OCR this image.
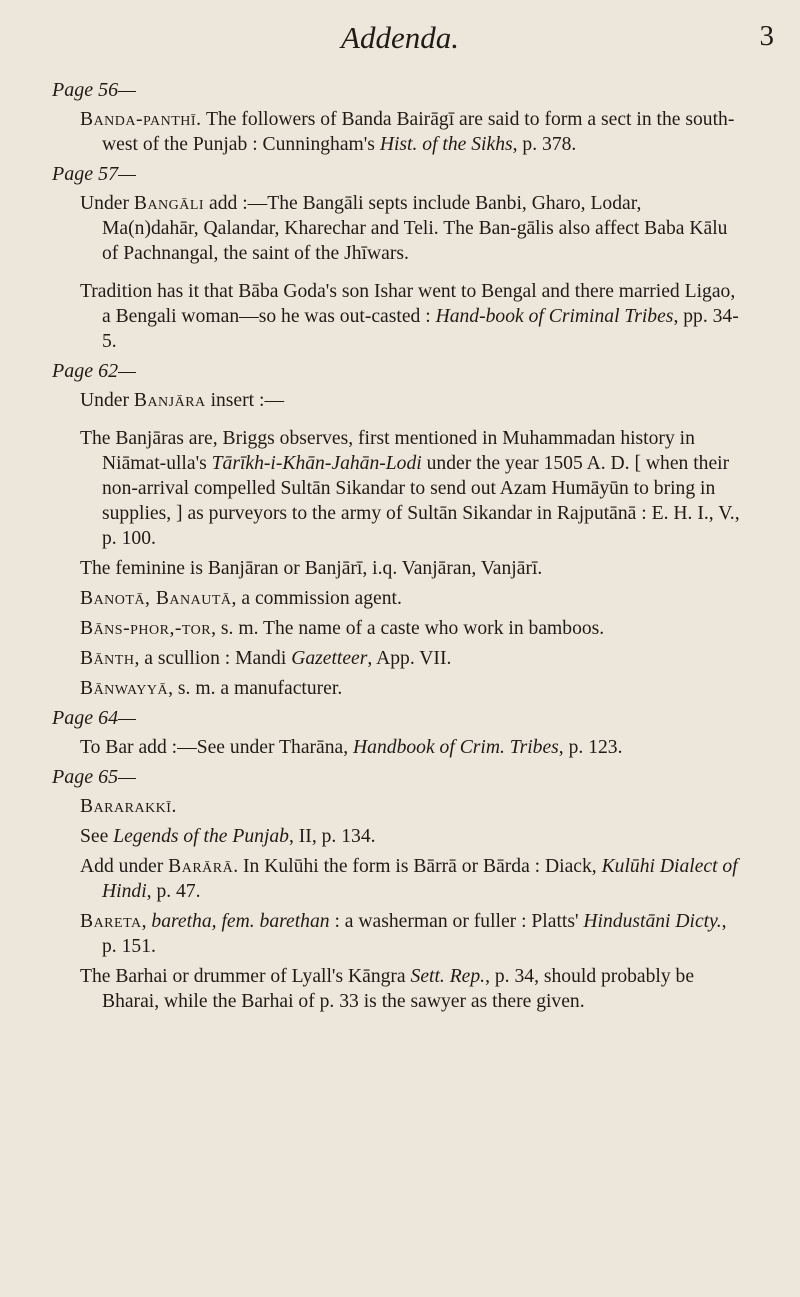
Addenda.	3
Page 56—
Banda-panthī. The followers of Banda Bairāgī are said to form a sect in the south-west of the Punjab : Cunningham's Hist. of the Sikhs, p. 378.
Page 57—
Under Bangāli add :—The Bangāli septs include Banbi, Gharo, Lodar, Ma(n)dahār, Qalandar, Kharechar and Teli. The Ban-gālis also affect Baba Kālu of Pachnangal, the saint of the Jhīwars.
Tradition has it that Bāba Goda's son Ishar went to Bengal and there married Ligao, a Bengali woman—so he was out-casted : Hand-book of Criminal Tribes, pp. 34-5.
Page 62—
Under Banjāra insert :—
The Banjāras are, Briggs observes, first mentioned in Muhammadan history in Niāmat-ulla's Tārīkh-i-Khān-Jahān-Lodi under the year 1505 A. D. [ when their non-arrival compelled Sultān Sikandar to send out Azam Humāyūn to bring in supplies, ] as purveyors to the army of Sultān Sikandar in Rajputānā : E. H. I., V., p. 100.
The feminine is Banjāran or Banjārī, i.q. Vanjāran, Vanjārī.
Banotā, Banautā, a commission agent.
Bāns-phor,-tor, s. m. The name of a caste who work in bamboos.
Bānth, a scullion : Mandi Gazetteer, App. VII.
Bānwayyā, s. m. a manufacturer.
Page 64—
To Bar add :—See under Tharāna, Handbook of Crim. Tribes, p. 123.
Page 65—
Bararakkī.
See Legends of the Punjab, II, p. 134.
Add under Barārā. In Kulūhi the form is Bārrā or Bārda : Diack, Kulūhi Dialect of Hindi, p. 47.
Bareta, baretha, fem. barethan : a washerman or fuller : Platts' Hindustāni Dicty., p. 151.
The Barhai or drummer of Lyall's Kāngra Sett. Rep., p. 34, should probably be Bharai, while the Barhai of p. 33 is the sawyer as there given.
